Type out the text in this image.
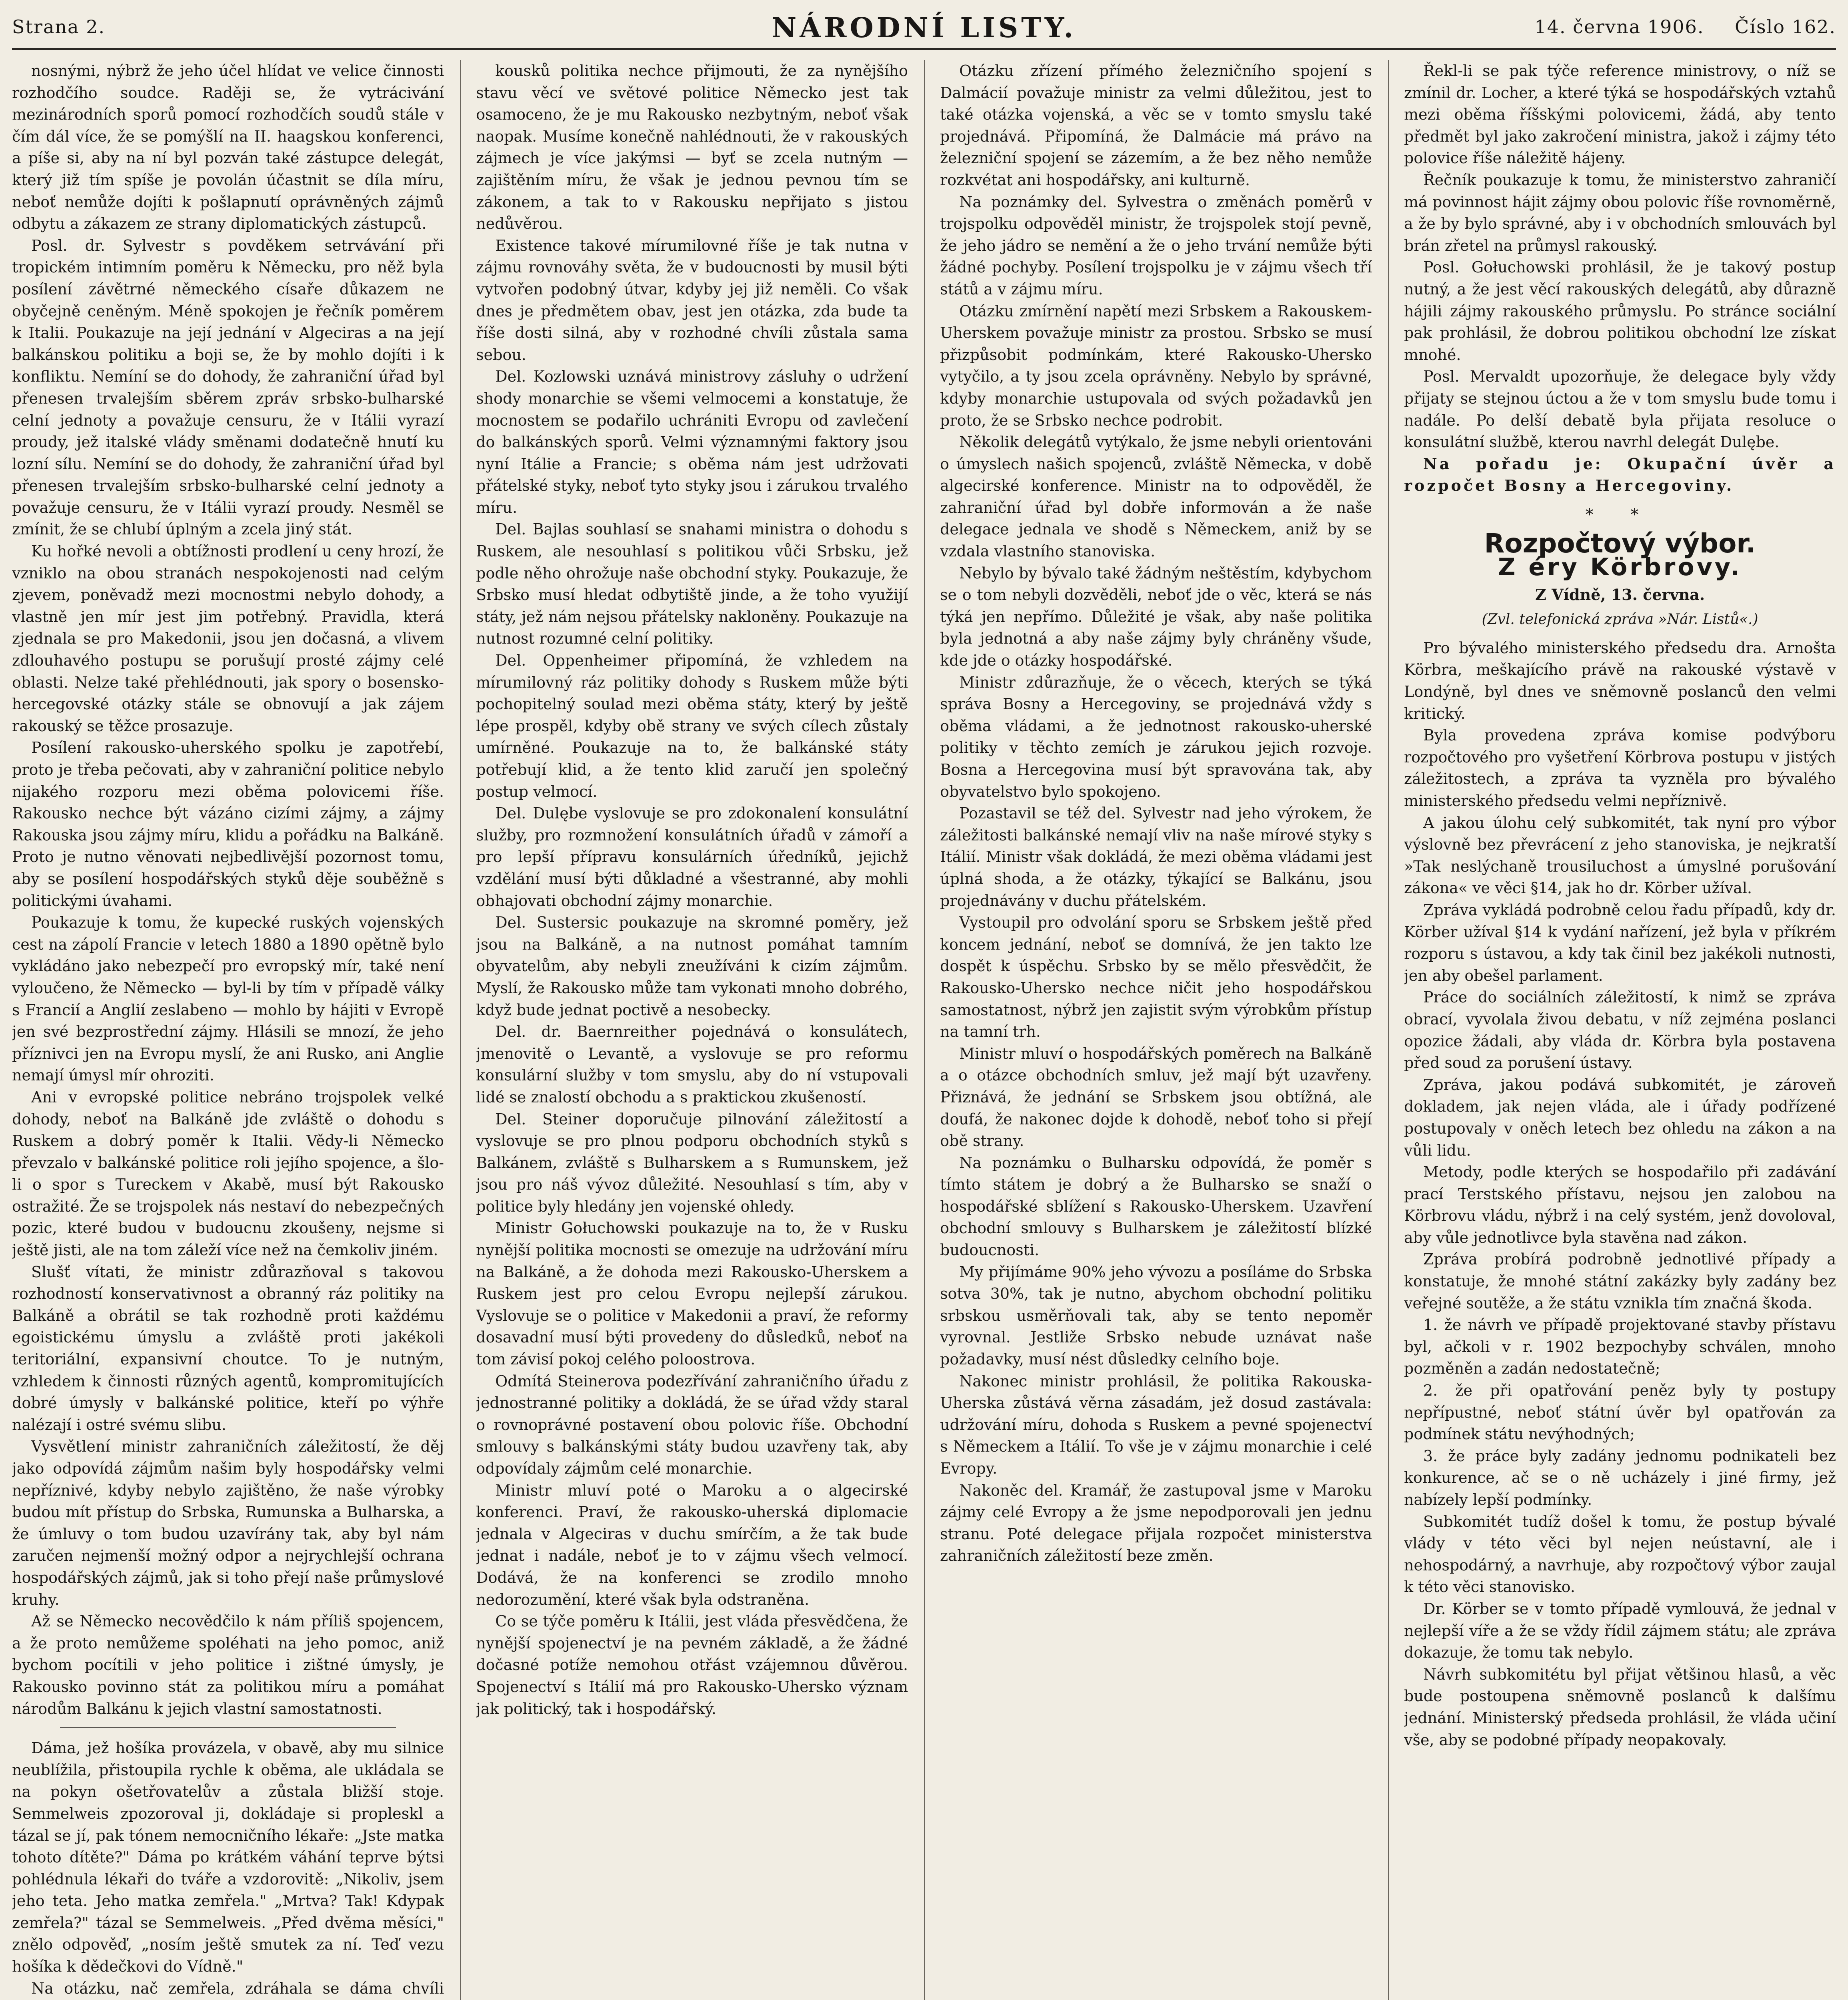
Strana 2.	NÁRODNÍ LISTY.	14. června 1906. Číslo 162.

nosnými, nýbrž že jeho účel hlídat ve velice činnosti rozhodčího soudce. Raději se, že vytrácivání mezinárodních sporů pomocí rozhodčích soudů stále v čím dál více, že se pomýšlí na II. haagskou konferenci, a píše si, aby na ní byl pozván také zástupce delegát, který již tím spíše je povolán účastnit se díla míru, neboť nemůže dojíti k pošlapnutí oprávněných zájmů odbytu a zákazem ze strany diplomatických zástupců.

Posl. dr. Sylvestr s povděkem setrvávání při tropickém intimním poměru k Německu, pro něž byla posílení závětrné německého císaře důkazem ne obyčejně ceněným. Méně spokojen je řečník poměrem k Italii. Poukazuje na její jednání v Algeciras a na její balkánskou politiku a boji se, že by mohlo dojíti i k konfliktu. Nemíní se do dohody, že zahraniční úřad byl přenesen trvalejším sběrem zpráv srbsko-bulharské celní jednoty a považuje censuru, že v Itálii vyrazí proudy, jež italské vlády směnami dodatečně hnutí ku lozní sílu. Nemíní se do dohody, že zahraniční úřad byl přenesen trvalejším srbsko-bulharské celní jednoty a považuje censuru, že v Itálii vyrazí proudy. Nesměl se zmínit, že se chlubí úplným a zcela jiný stát.

Ku hořké nevoli a obtížnosti prodlení u ceny hrozí, že vzniklo na obou stranách nespokojenosti nad celým zjevem, poněvadž mezi mocnostmi nebylo dohody, a vlastně jen mír jest jim potřebný. Pravidla, která zjednala se pro Makedonii, jsou jen dočasná, a vlivem zdlouhavého postupu se porušují prosté zájmy celé oblasti. Nelze také přehlédnouti, jak spory o bosensko-hercegovské otázky stále se obnovují a jak zájem rakouský se těžce prosazuje.

Posílení rakousko-uherského spolku je zapotřebí, proto je třeba pečovati, aby v zahraniční politice nebylo nijakého rozporu mezi oběma polovicemi říše. Rakousko nechce být vázáno cizími zájmy, a zájmy Rakouska jsou zájmy míru, klidu a pořádku na Balkáně. Proto je nutno věnovati nejbedlivější pozornost tomu, aby se posílení hospodářských styků děje souběžně s politickými úvahami.

Poukazuje k tomu, že kupecké ruských vojenských cest na zápolí Francie v letech 1880 a 1890 opětně bylo vykládáno jako nebezpečí pro evropský mír, také není vyloučeno, že Německo — byl-li by tím v případě války s Francií a Anglií zeslabeno — mohlo by hájiti v Evropě jen své bezprostřední zájmy. Hlásili se mnozí, že jeho příznivci jen na Evropu myslí, že ani Rusko, ani Anglie nemají úmysl mír ohroziti.

Ani v evropské politice nebráno trojspolek velké dohody, neboť na Balkáně jde zvláště o dohodu s Ruskem a dobrý poměr k Italii. Vědy-li Německo převzalo v balkánské politice roli jejího spojence, a šlo-li o spor s Tureckem v Akabě, musí být Rakousko ostražité. Že se trojspolek nás nestaví do nebezpečných pozic, které budou v budoucnu zkoušeny, nejsme si ještě jisti, ale na tom záleží více než na čemkoliv jiném.

Slušť vítati, že ministr zdůrazňoval s takovou rozhodností konservativnost a obranný ráz politiky na Balkáně a obrátil se tak rozhodně proti každému egoistickému úmyslu a zvláště proti jakékoli teritoriální, expansivní choutce. To je nutným, vzhledem k činnosti různých agentů, kompromitujících dobré úmysly v balkánské politice, kteří po výhře nalézají i ostré svému slibu.

Vysvětlení ministr zahraničních záležitostí, že děj jako odpovídá zájmům našim byly hospodářsky velmi nepříznivé, kdyby nebylo zajištěno, že naše výrobky budou mít přístup do Srbska, Rumunska a Bulharska, a že úmluvy o tom budou uzavírány tak, aby byl nám zaručen nejmenší možný odpor a nejrychlejší ochrana hospodářských zájmů, jak si toho přejí naše průmyslové kruhy.

Až se Německo necovědčilo k nám příliš spojencem, a že proto nemůžeme spoléhati na jeho pomoc, aniž bychom pocítili v jeho politice i zištné úmysly, je Rakousko povinno stát za politikou míru a pomáhat národům Balkánu k jejich vlastní samostatnosti.

Dáma, jež hošíka provázela, v obavě, aby mu silnice neublížila, přistoupila rychle k oběma, ale ukládala se na pokyn ošetřovatelův a zůstala bližší stoje. Semmelweis zpozoroval ji, dokládaje si propleskl a tázal se jí, pak tónem nemocničního lékaře: „Jste matka tohoto dítěte?" Dáma po krátkém váhání teprve býtsi pohlédnula lékaři do tváře a vzdorovitě: „Nikoliv, jsem jeho teta. Jeho matka zemřela." „Mrtva? Tak! Kdypak zemřela?" tázal se Semmelweis. „Před dvěma měsíci," znělo odpověď, „nosím ještě smutek za ní. Teď vezu hošíka k dědečkovi do Vídně."

Na otázku, nač zemřela, zdráhala se dáma chvíli

kousků politika nechce přijmouti, že za nynějšího stavu věcí ve světové politice Německo jest tak osamoceno, že je mu Rakousko nezbytným, neboť však naopak. Musíme konečně nahlédnouti, že v rakouských zájmech je více jakýmsi — byť se zcela nutným — zajištěním míru, že však je jednou pevnou tím se zákonem, a tak to v Rakousku nepřijato s jistou nedůvěrou.

Existence takové mírumilovné říše je tak nutna v zájmu rovnováhy světa, že v budoucnosti by musil býti vytvořen podobný útvar, kdyby jej již neměli. Co však dnes je předmětem obav, jest jen otázka, zda bude ta říše dosti silná, aby v rozhodné chvíli zůstala sama sebou.

Del. Kozlowski uznává ministrovy zásluhy o udržení shody monarchie se všemi velmocemi a konstatuje, že mocnostem se podařilo uchrániti Evropu od zavlečení do balkánských sporů. Velmi významnými faktory jsou nyní Itálie a Francie; s oběma nám jest udržovati přátelské styky, neboť tyto styky jsou i zárukou trvalého míru.

Del. Bajlas souhlasí se snahami ministra o dohodu s Ruskem, ale nesouhlasí s politikou vůči Srbsku, jež podle něho ohrožuje naše obchodní styky. Poukazuje, že Srbsko musí hledat odbytiště jinde, a že toho využijí státy, jež nám nejsou přátelsky nakloněny. Poukazuje na nutnost rozumné celní politiky.

Del. Oppenheimer připomíná, že vzhledem na mírumilovný ráz politiky dohody s Ruskem může býti pochopitelný soulad mezi oběma státy, který by ještě lépe prospěl, kdyby obě strany ve svých cílech zůstaly umírněné. Poukazuje na to, že balkánské státy potřebují klid, a že tento klid zaručí jen společný postup velmocí.

Del. Dulębe vyslovuje se pro zdokonalení konsulátní služby, pro rozmnožení konsulátních úřadů v zámoří a pro lepší přípravu konsulárních úředníků, jejichž vzdělání musí býti důkladné a všestranné, aby mohli obhajovati obchodní zájmy monarchie.

Del. Sustersic poukazuje na skromné poměry, jež jsou na Balkáně, a na nutnost pomáhat tamním obyvatelům, aby nebyli zneužíváni k cizím zájmům. Myslí, že Rakousko může tam vykonati mnoho dobrého, když bude jednat poctivě a nesobecky.

Del. dr. Baernreither pojednává o konsulátech, jmenovitě o Levantě, a vyslovuje se pro reformu konsulární služby v tom smyslu, aby do ní vstupovali lidé se znalostí obchodu a s praktickou zkušeností.

Del. Steiner doporučuje pilnování záležitostí a vyslovuje se pro plnou podporu obchodních styků s Balkánem, zvláště s Bulharskem a s Rumunskem, jež jsou pro náš vývoz důležité. Nesouhlasí s tím, aby v politice byly hledány jen vojenské ohledy.

Ministr Gołuchowski poukazuje na to, že v Rusku nynější politika mocnosti se omezuje na udržování míru na Balkáně, a že dohoda mezi Rakousko-Uherskem a Ruskem jest pro celou Evropu nejlepší zárukou. Vyslovuje se o politice v Makedonii a praví, že reformy dosavadní musí býti provedeny do důsledků, neboť na tom závisí pokoj celého poloostrova.

Odmítá Steinerova podezřívání zahraničního úřadu z jednostranné politiky a dokládá, že se úřad vždy staral o rovnoprávné postavení obou polovic říše. Obchodní smlouvy s balkánskými státy budou uzavřeny tak, aby odpovídaly zájmům celé monarchie.

Ministr mluví poté o Maroku a o algecirské konferenci. Praví, že rakousko-uherská diplomacie jednala v Algeciras v duchu smírčím, a že tak bude jednat i nadále, neboť je to v zájmu všech velmocí. Dodává, že na konferenci se zrodilo mnoho nedorozumění, které však byla odstraněna.

Co se týče poměru k Itálii, jest vláda přesvědčena, že nynější spojenectví je na pevném základě, a že žádné dočasné potíže nemohou otřást vzájemnou důvěrou. Spojenectví s Itálií má pro Rakousko-Uhersko význam jak politický, tak i hospodářský.

Otázku zřízení přímého železničního spojení s Dalmácií považuje ministr za velmi důležitou, jest to také otázka vojenská, a věc se v tomto smyslu také projednává. Připomíná, že Dalmácie má právo na železniční spojení se zázemím, a že bez něho nemůže rozkvétat ani hospodářsky, ani kulturně.

Na poznámky del. Sylvestra o změnách poměrů v trojspolku odpověděl ministr, že trojspolek stojí pevně, že jeho jádro se nemění a že o jeho trvání nemůže býti žádné pochyby. Posílení trojspolku je v zájmu všech tří států a v zájmu míru.

Otázku zmírnění napětí mezi Srbskem a Rakouskem-Uherskem považuje ministr za prostou. Srbsko se musí přizpůsobit podmínkám, které Rakousko-Uhersko vytyčilo, a ty jsou zcela oprávněny. Nebylo by správné, kdyby monarchie ustupovala od svých požadavků jen proto, že se Srbsko nechce podrobit.

Několik delegátů vytýkalo, že jsme nebyli orientováni o úmyslech našich spojenců, zvláště Německa, v době algecirské konference. Ministr na to odpověděl, že zahraniční úřad byl dobře informován a že naše delegace jednala ve shodě s Německem, aniž by se vzdala vlastního stanoviska.

Nebylo by bývalo také žádným neštěstím, kdybychom se o tom nebyli dozvěděli, neboť jde o věc, která se nás týká jen nepřímo. Důležité je však, aby naše politika byla jednotná a aby naše zájmy byly chráněny všude, kde jde o otázky hospodářské.

Ministr zdůrazňuje, že o věcech, kterých se týká správa Bosny a Hercegoviny, se projednává vždy s oběma vládami, a že jednotnost rakousko-uherské politiky v těchto zemích je zárukou jejich rozvoje. Bosna a Hercegovina musí být spravována tak, aby obyvatelstvo bylo spokojeno.

Pozastavil se též del. Sylvestr nad jeho výrokem, že záležitosti balkánské nemají vliv na naše mírové styky s Itálií. Ministr však dokládá, že mezi oběma vládami jest úplná shoda, a že otázky, týkající se Balkánu, jsou projednávány v duchu přátelském.

Vystoupil pro odvolání sporu se Srbskem ještě před koncem jednání, neboť se domnívá, že jen takto lze dospět k úspěchu. Srbsko by se mělo přesvědčit, že Rakousko-Uhersko nechce ničit jeho hospodářskou samostatnost, nýbrž jen zajistit svým výrobkům přístup na tamní trh.

Ministr mluví o hospodářských poměrech na Balkáně a o otázce obchodních smluv, jež mají být uzavřeny. Přiznává, že jednání se Srbskem jsou obtížná, ale doufá, že nakonec dojde k dohodě, neboť toho si přejí obě strany.

Na poznámku o Bulharsku odpovídá, že poměr s tímto státem je dobrý a že Bulharsko se snaží o hospodářské sblížení s Rakousko-Uherskem. Uzavření obchodní smlouvy s Bulharskem je záležitostí blízké budoucnosti.

My přijímáme 90% jeho vývozu a posíláme do Srbska sotva 30%, tak je nutno, abychom obchodní politiku srbskou usměrňovali tak, aby se tento nepoměr vyrovnal. Jestliže Srbsko nebude uznávat naše požadavky, musí nést důsledky celního boje.

Nakonec ministr prohlásil, že politika Rakouska-Uherska zůstává věrna zásadám, jež dosud zastávala: udržování míru, dohoda s Ruskem a pevné spojenectví s Německem a Itálií. To vše je v zájmu monarchie i celé Evropy.

Nakoněc del. Kramář, že zastupoval jsme v Maroku zájmy celé Evropy a že jsme nepodporovali jen jednu stranu. Poté delegace přijala rozpočet ministerstva zahraničních záležitostí beze změn.

Řekl-li se pak týče reference ministrovy, o níž se zmínil dr. Locher, a které týká se hospodářských vztahů mezi oběma říšskými polovicemi, žádá, aby tento předmět byl jako zakročení ministra, jakož i zájmy této polovice říše náležitě hájeny.

Řečník poukazuje k tomu, že ministerstvo zahraničí má povinnost hájit zájmy obou polovic říše rovnoměrně, a že by bylo správné, aby i v obchodních smlouvách byl brán zřetel na průmysl rakouský.

Posl. Gołuchowski prohlásil, že je takový postup nutný, a že jest věcí rakouských delegátů, aby důrazně hájili zájmy rakouského průmyslu. Po stránce sociální pak prohlásil, že dobrou politikou obchodní lze získat mnohé.

Posl. Mervaldt upozorňuje, že delegace byly vždy přijaty se stejnou úctou a že v tom smyslu bude tomu i nadále. Po delší debatě byla přijata resoluce o konsulátní službě, kterou navrhl delegát Dulębe.

Na pořadu je: Okupační úvěr a rozpočet Bosny a Hercegoviny.

* *
Rozpočtový výbor.
Z éry Körbrovy.
Z Vídně, 13. června.
(Zvl. telefonická zpráva »Nár. Listů«.)

Pro bývalého ministerského předsedu dra. Arnošta Körbra, meškajícího právě na rakouské výstavě v Londýně, byl dnes ve sněmovně poslanců den velmi kritický.

Byla provedena zpráva komise podvýboru rozpočtového pro vyšetření Körbrova postupu v jistých záležitostech, a zpráva ta vyzněla pro bývalého ministerského předsedu velmi nepříznivě.

A jakou úlohu celý subkomitét, tak nyní pro výbor výslovně bez převrácení z jeho stanoviska, je nejkratší »Tak neslýchaně trousiluchost a úmyslné porušování zákona« ve věci §14, jak ho dr. Körber užíval.

Zpráva vykládá podrobně celou řadu případů, kdy dr. Körber užíval §14 k vydání nařízení, jež byla v příkrém rozporu s ústavou, a kdy tak činil bez jakékoli nutnosti, jen aby obešel parlament.

Práce do sociálních záležitostí, k nimž se zpráva obrací, vyvolala živou debatu, v níž zejména poslanci opozice žádali, aby vláda dr. Körbra byla postavena před soud za porušení ústavy.

Zpráva, jakou podává subkomitét, je zároveň dokladem, jak nejen vláda, ale i úřady podřízené postupovaly v oněch letech bez ohledu na zákon a na vůli lidu.

Metody, podle kterých se hospodařilo při zadávání prací Terstského přístavu, nejsou jen zalobou na Körbrovu vládu, nýbrž i na celý systém, jenž dovoloval, aby vůle jednotlivce byla stavěna nad zákon.

Zpráva probírá podrobně jednotlivé případy a konstatuje, že mnohé státní zakázky byly zadány bez veřejné soutěže, a že státu vznikla tím značná škoda.

1. že návrh ve případě projektované stavby přístavu byl, ačkoli v r. 1902 bezpochyby schválen, mnoho pozměněn a zadán nedostatečně;

2. že při opatřování peněz byly ty postupy nepřípustné, neboť státní úvěr byl opatřován za podmínek státu nevýhodných;

3. že práce byly zadány jednomu podnikateli bez konkurence, ač se o ně ucházely i jiné firmy, jež nabízely lepší podmínky.

Subkomitét tudíž došel k tomu, že postup bývalé vlády v této věci byl nejen neústavní, ale i nehospodárný, a navrhuje, aby rozpočtový výbor zaujal k této věci stanovisko.

Dr. Körber se v tomto případě vymlouvá, že jednal v nejlepší víře a že se vždy řídil zájmem státu; ale zpráva dokazuje, že tomu tak nebylo.

Návrh subkomitétu byl přijat většinou hlasů, a věc bude postoupena sněmovně poslanců k dalšímu jednání. Ministerský předseda prohlásil, že vláda učiní vše, aby se podobné případy neopakovaly.
